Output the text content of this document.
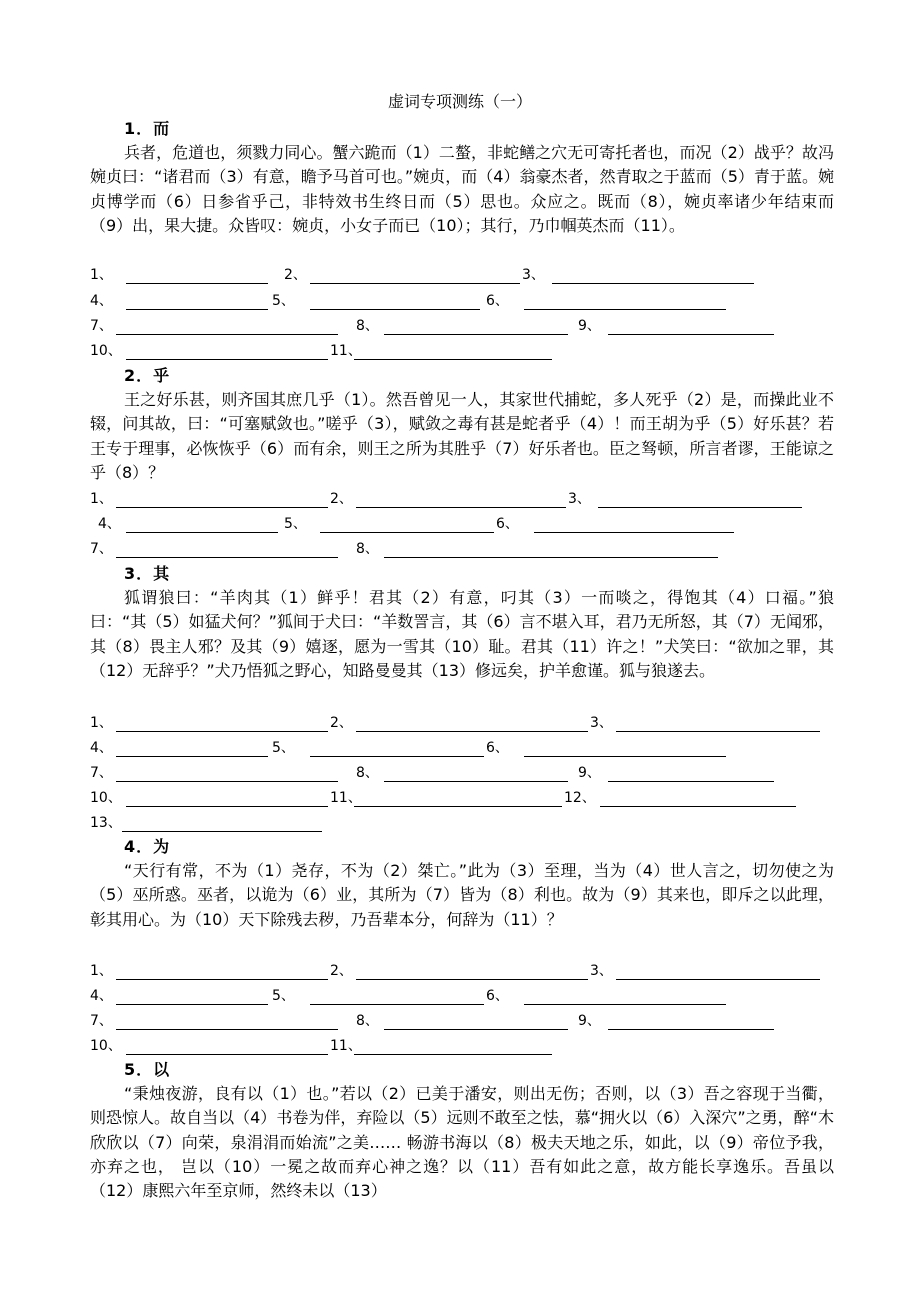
虚词专项测练（一）
1．而
兵者，危道也，须戮力同心。蟹六跪而（1）二螯，非蛇鳝之穴无可寄托者也，而况（2）战乎？故冯婉贞曰：“诸君而（3）有意，瞻予马首可也。”婉贞，而（4）翁豪杰者，然青取之于蓝而（5）青于蓝。婉贞博学而（6）日参省乎己，非特效书生终日而（5）思也。众应之。既而（8），婉贞率诸少年结束而（9）出，果大捷。众皆叹：婉贞，小女子而已（10）；其行，乃巾帼英杰而（11）。
1、	2、	3、
4、	5、	6、
7、	8、	9、
10、	11、
2．乎
王之好乐甚，则齐国其庶几乎（1）。然吾曾见一人，其家世代捕蛇，多人死乎（2）是，而操此业不辍，问其故，曰：“可塞赋敛也。”嗟乎（3），赋敛之毒有甚是蛇者乎（4）！而王胡为乎（5）好乐甚？若王专于理事，必恢恢乎（6）而有余，则王之所为其胜乎（7）好乐者也。臣之驽顿，所言者谬，王能谅之乎（8）？
1、	2、	3、
4、	5、	6、
7、	8、
3．其
狐谓狼曰：“羊肉其（1）鲜乎！君其（2）有意，叼其（3）一而啖之，得饱其（4）口福。”狼曰：“其（5）如猛犬何？”狐间于犬曰：“羊数詈言，其（6）言不堪入耳，君乃无所怒，其（7）无闻邪，其（8）畏主人邪？及其（9）嬉逐，愿为一雪其（10）耻。君其（11）许之！”犬笑曰：“欲加之罪，其（12）无辞乎？”犬乃悟狐之野心，知路曼曼其（13）修远矣，护羊愈谨。狐与狼遂去。
1、	2、	3、
4、	5、	6、
7、	8、	9、
10、	11、	12、
13、
4．为
“天行有常，不为（1）尧存，不为（2）桀亡。”此为（3）至理，当为（4）世人言之，切勿使之为（5）巫所惑。巫者，以诡为（6）业，其所为（7）皆为（8）利也。故为（9）其来也，即斥之以此理，彰其用心。为（10）天下除残去秽，乃吾辈本分，何辞为（11）？
1、	2、	3、
4、	5、	6、
7、	8、	9、
10、	11、
5．以
“秉烛夜游，良有以（1）也。”若以（2）已美于潘安，则出无伤；否则，以（3）吾之容现于当衢，则恐惊人。故自当以（4）书卷为伴，弃险以（5）远则不敢至之怯，慕“拥火以（6）入深穴”之勇，醉“木欣欣以（7）向荣，泉涓涓而始流”之美…… 畅游书海以（8）极夫天地之乐，如此，以（9）帝位予我，亦弃之也， 岂以（10）一冕之故而弃心神之逸？以（11）吾有如此之意，故方能长享逸乐。吾虽以（12）康熙六年至京师，然终未以（13）
